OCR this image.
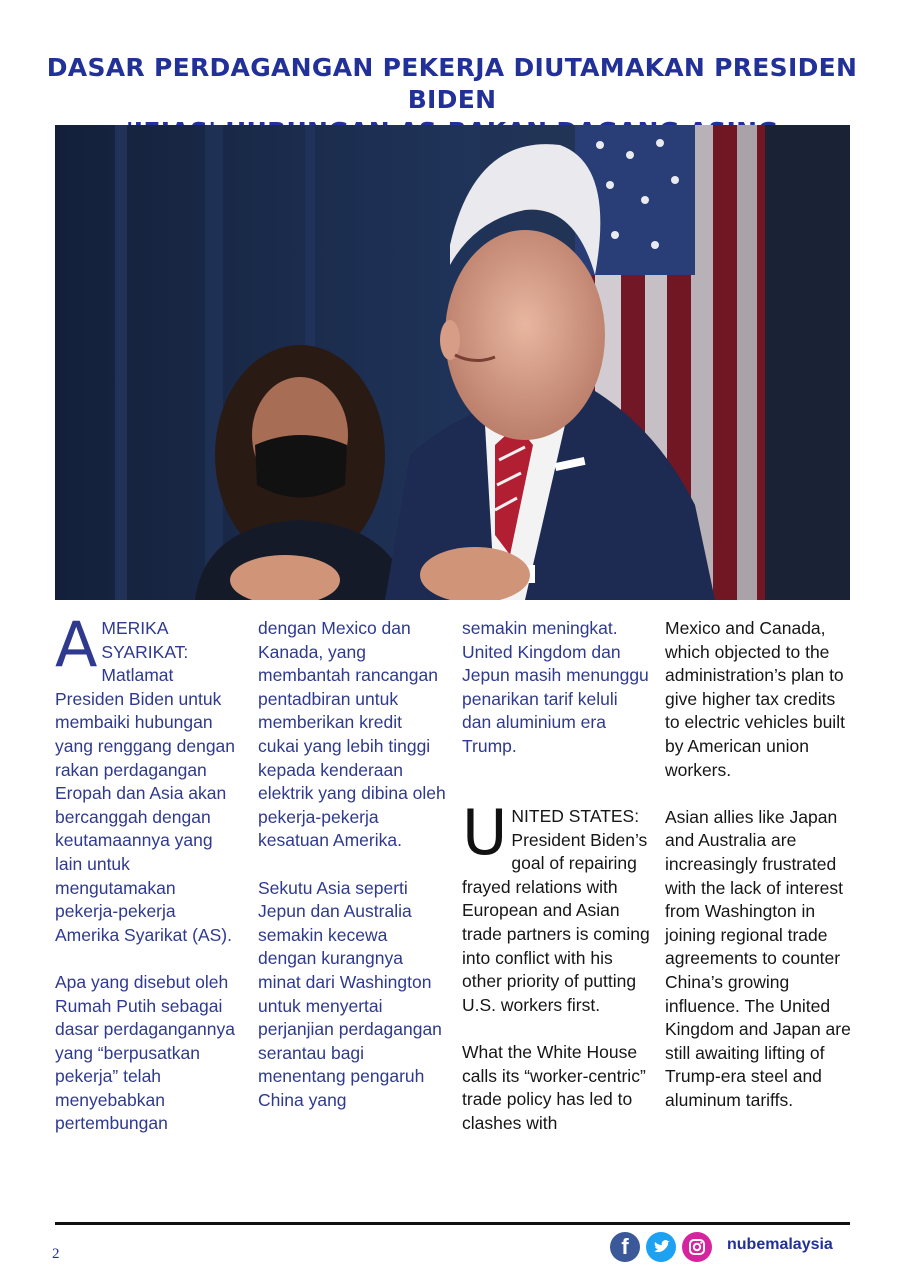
DASAR PERDAGANGAN PEKERJA DIUTAMAKAN PRESIDEN BIDEN

AMERIKA SYARIKAT: Matlamat Presiden Biden untuk membaiki hubungan yang renggang dengan rakan perdagangan Eropah dan Asia akan bercanggah dengan keutamaannya yang lain untuk mengutamakan pekerja-pekerja Amerika Syarikat (AS).

Apa yang disebut oleh Rumah Putih sebagai dasar perdagangannya yang “berpusatkan pekerja” telah menyebabkan pertembungan

dengan Mexico dan Kanada, yang membantah rancangan pentadbiran untuk memberikan kredit cukai yang lebih tinggi kepada kenderaan elektrik yang dibina oleh pekerja-pekerja kesatuan Amerika.

Sekutu Asia seperti Jepun dan Australia semakin kecewa dengan kurangnya minat dari Washington untuk menyertai perjanjian perdagangan serantau bagi menentang pengaruh China yang

semakin meningkat. United Kingdom dan Jepun masih menunggu penarikan tarif keluli dan aluminium era Trump.

UNITED STATES: President Biden’s goal of repairing frayed relations with European and Asian trade partners is coming into conflict with his other priority of putting U.S. workers first.

What the White House calls its “worker-centric” trade policy has led to clashes with

Mexico and Canada, which objected to the administration’s plan to give higher tax credits to electric vehicles built by American union workers.

Asian allies like Japan and Australia are increasingly frustrated with the lack of interest from Washington in joining regional trade agreements to counter China’s growing influence. The United Kingdom and Japan are still awaiting lifting of Trump-era steel and aluminum tariffs.

2	f	nubemalaysia
